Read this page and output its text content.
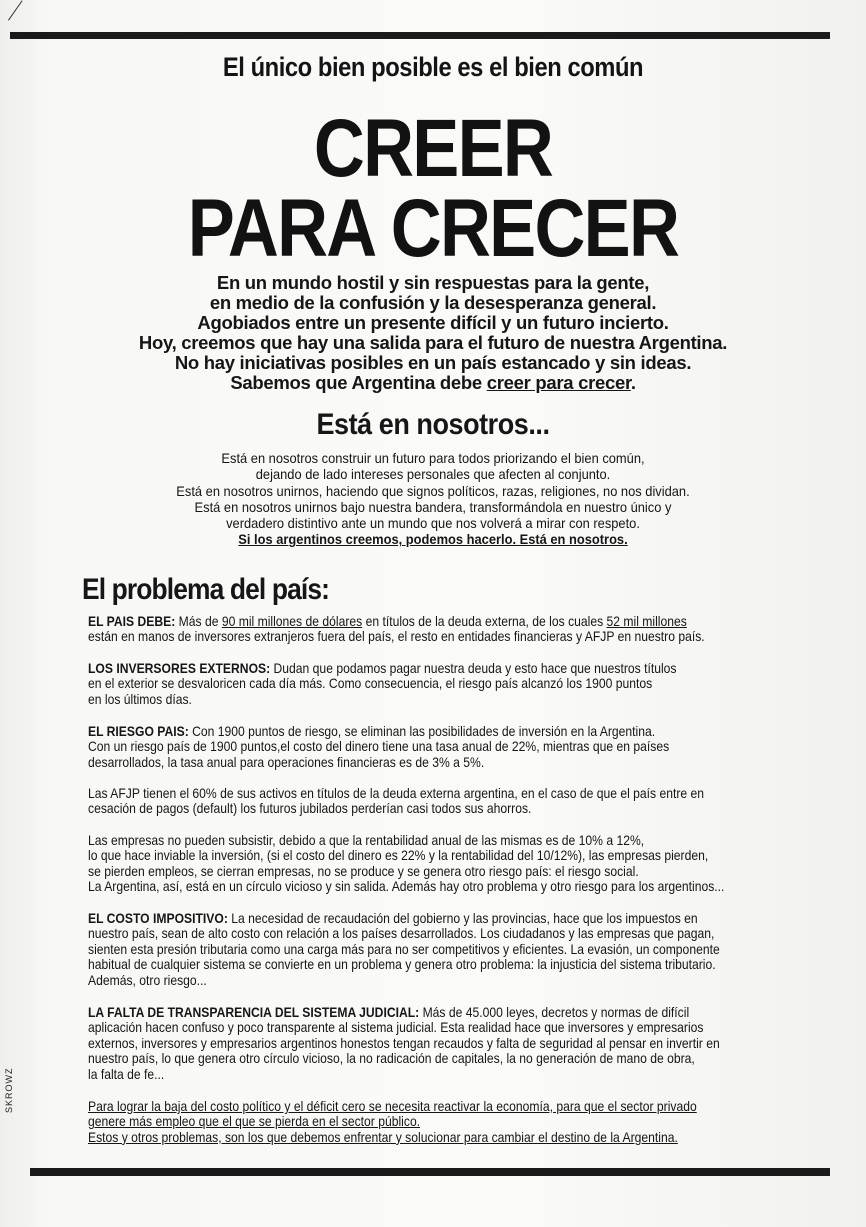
El único bien posible es el bien común
CREER
PARA CRECER
En un mundo hostil y sin respuestas para la gente,
en medio de la confusión y la desesperanza general.
Agobiados entre un presente difícil y un futuro incierto.
Hoy, creemos que hay una salida para el futuro de nuestra Argentina.
No hay iniciativas posibles en un país estancado y sin ideas.
Sabemos que Argentina debe creer para crecer.
Está en nosotros...
Está en nosotros construir un futuro para todos priorizando el bien común,
dejando de lado intereses personales que afecten al conjunto.
Está en nosotros unirnos, haciendo que signos políticos, razas, religiones, no nos dividan.
Está en nosotros unirnos bajo nuestra bandera, transformándola en nuestro único y
verdadero distintivo ante un mundo que nos volverá a mirar con respeto.
Si los argentinos creemos, podemos hacerlo. Está en nosotros.
El problema del país:
EL PAIS DEBE: Más de 90 mil millones de dólares en títulos de la deuda externa, de los cuales 52 mil millones
están en manos de inversores extranjeros fuera del país, el resto en entidades financieras y AFJP en nuestro país.
LOS INVERSORES EXTERNOS: Dudan que podamos pagar nuestra deuda y esto hace que nuestros títulos
en el exterior se desvaloricen cada día más. Como consecuencia, el riesgo país alcanzó los 1900 puntos
en los últimos días.
EL RIESGO PAIS: Con 1900 puntos de riesgo, se eliminan las posibilidades de inversión en la Argentina.
Con un riesgo país de 1900 puntos,el costo del dinero tiene una tasa anual de 22%, mientras que en países
desarrollados, la tasa anual para operaciones financieras es de 3% a 5%.
Las AFJP tienen el 60% de sus activos en títulos de la deuda externa argentina, en el caso de que el país entre en
cesación de pagos (default) los futuros jubilados perderían casi todos sus ahorros.
Las empresas no pueden subsistir, debido a que la rentabilidad anual de las mismas es de 10% a 12%,
lo que hace inviable la inversión, (si el costo del dinero es 22% y la rentabilidad del 10/12%), las empresas pierden,
se pierden empleos, se cierran empresas, no se produce y se genera otro riesgo país: el riesgo social.
La Argentina, así, está en un círculo vicioso y sin salida. Además hay otro problema y otro riesgo para los argentinos...
EL COSTO IMPOSITIVO: La necesidad de recaudación del gobierno y las provincias, hace que los impuestos en
nuestro país, sean de alto costo con relación a los países desarrollados. Los ciudadanos y las empresas que pagan,
sienten esta presión tributaria como una carga más para no ser competitivos y eficientes. La evasión, un componente
habitual de cualquier sistema se convierte en un problema y genera otro problema: la injusticia del sistema tributario.
Además, otro riesgo...
LA FALTA DE TRANSPARENCIA DEL SISTEMA JUDICIAL: Más de 45.000 leyes, decretos y normas de difícil
aplicación hacen confuso y poco transparente al sistema judicial. Esta realidad hace que inversores y empresarios
externos, inversores y empresarios argentinos honestos tengan recaudos y falta de seguridad al pensar en invertir en
nuestro país, lo que genera otro círculo vicioso, la no radicación de capitales, la no generación de mano de obra,
la falta de fe...
Para lograr la baja del costo político y el déficit cero se necesita reactivar la economía, para que el sector privado
genere más empleo que el que se pierda en el sector público.
Estos y otros problemas, son los que debemos enfrentar y solucionar para cambiar el destino de la Argentina.
SKROWZ
